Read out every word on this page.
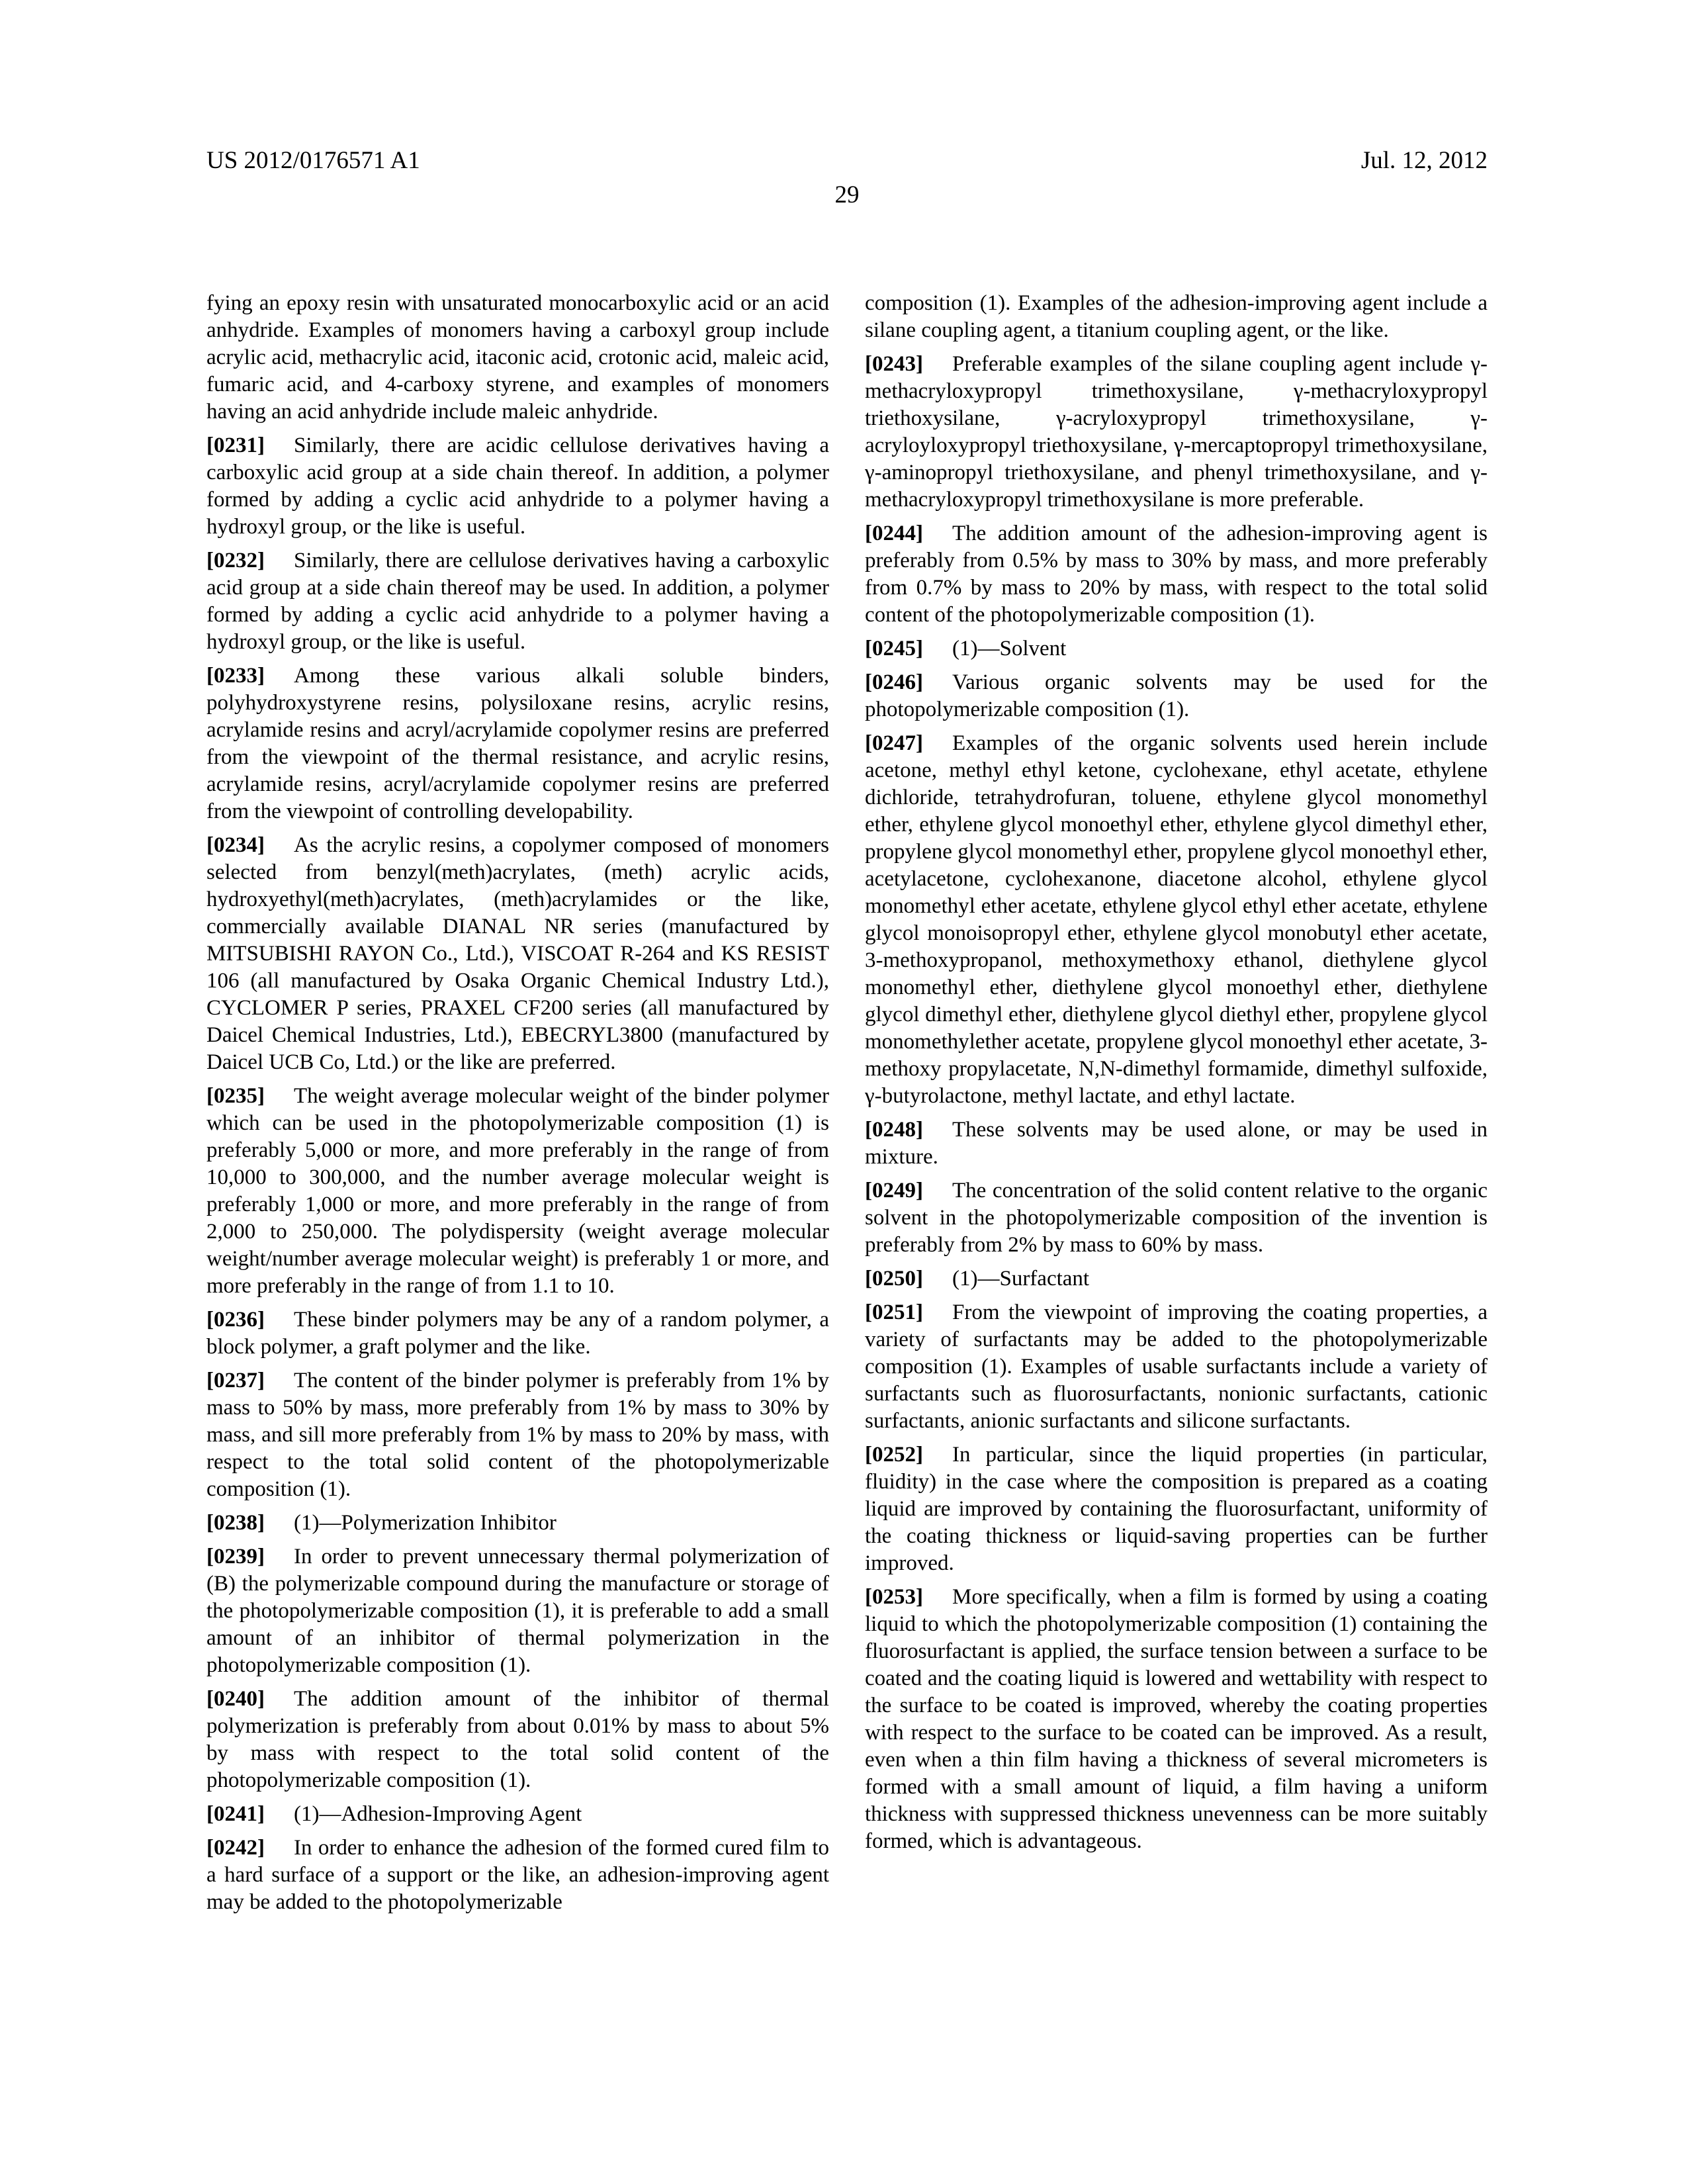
US 2012/0176571 A1	Jul. 12, 2012
29

fying an epoxy resin with unsaturated monocarboxylic acid or an acid anhydride. Examples of monomers having a carboxyl group include acrylic acid, methacrylic acid, itaconic acid, crotonic acid, maleic acid, fumaric acid, and 4-carboxy styrene, and examples of monomers having an acid anhydride include maleic anhydride.

[0231] Similarly, there are acidic cellulose derivatives having a carboxylic acid group at a side chain thereof. In addition, a polymer formed by adding a cyclic acid anhydride to a polymer having a hydroxyl group, or the like is useful.

[0232] Similarly, there are cellulose derivatives having a carboxylic acid group at a side chain thereof may be used. In addition, a polymer formed by adding a cyclic acid anhydride to a polymer having a hydroxyl group, or the like is useful.

[0233] Among these various alkali soluble binders, polyhydroxystyrene resins, polysiloxane resins, acrylic resins, acrylamide resins and acryl/acrylamide copolymer resins are preferred from the viewpoint of the thermal resistance, and acrylic resins, acrylamide resins, acryl/acrylamide copolymer resins are preferred from the viewpoint of controlling developability.

[0234] As the acrylic resins, a copolymer composed of monomers selected from benzyl(meth)acrylates, (meth) acrylic acids, hydroxyethyl(meth)acrylates, (meth)acrylamides or the like, commercially available DIANAL NR series (manufactured by MITSUBISHI RAYON Co., Ltd.), VISCOAT R-264 and KS RESIST 106 (all manufactured by Osaka Organic Chemical Industry Ltd.), CYCLOMER P series, PRAXEL CF200 series (all manufactured by Daicel Chemical Industries, Ltd.), EBECRYL3800 (manufactured by Daicel UCB Co, Ltd.) or the like are preferred.

[0235] The weight average molecular weight of the binder polymer which can be used in the photopolymerizable composition (1) is preferably 5,000 or more, and more preferably in the range of from 10,000 to 300,000, and the number average molecular weight is preferably 1,000 or more, and more preferably in the range of from 2,000 to 250,000. The polydispersity (weight average molecular weight/number average molecular weight) is preferably 1 or more, and more preferably in the range of from 1.1 to 10.

[0236] These binder polymers may be any of a random polymer, a block polymer, a graft polymer and the like.

[0237] The content of the binder polymer is preferably from 1% by mass to 50% by mass, more preferably from 1% by mass to 30% by mass, and sill more preferably from 1% by mass to 20% by mass, with respect to the total solid content of the photopolymerizable composition (1).

[0238] (1)—Polymerization Inhibitor

[0239] In order to prevent unnecessary thermal polymerization of (B) the polymerizable compound during the manufacture or storage of the photopolymerizable composition (1), it is preferable to add a small amount of an inhibitor of thermal polymerization in the photopolymerizable composition (1).

[0240] The addition amount of the inhibitor of thermal polymerization is preferably from about 0.01% by mass to about 5% by mass with respect to the total solid content of the photopolymerizable composition (1).

[0241] (1)—Adhesion-Improving Agent

[0242] In order to enhance the adhesion of the formed cured film to a hard surface of a support or the like, an adhesion-improving agent may be added to the photopolymerizable

composition (1). Examples of the adhesion-improving agent include a silane coupling agent, a titanium coupling agent, or the like.

[0243] Preferable examples of the silane coupling agent include γ-methacryloxypropyl trimethoxysilane, γ-methacryloxypropyl triethoxysilane, γ-acryloxypropyl trimethoxysilane, γ-acryloyloxypropyl triethoxysilane, γ-mercaptopropyl trimethoxysilane, γ-aminopropyl triethoxysilane, and phenyl trimethoxysilane, and γ-methacryloxypropyl trimethoxysilane is more preferable.

[0244] The addition amount of the adhesion-improving agent is preferably from 0.5% by mass to 30% by mass, and more preferably from 0.7% by mass to 20% by mass, with respect to the total solid content of the photopolymerizable composition (1).

[0245] (1)—Solvent

[0246] Various organic solvents may be used for the photopolymerizable composition (1).

[0247] Examples of the organic solvents used herein include acetone, methyl ethyl ketone, cyclohexane, ethyl acetate, ethylene dichloride, tetrahydrofuran, toluene, ethylene glycol monomethyl ether, ethylene glycol monoethyl ether, ethylene glycol dimethyl ether, propylene glycol monomethyl ether, propylene glycol monoethyl ether, acetylacetone, cyclohexanone, diacetone alcohol, ethylene glycol monomethyl ether acetate, ethylene glycol ethyl ether acetate, ethylene glycol monoisopropyl ether, ethylene glycol monobutyl ether acetate, 3-methoxypropanol, methoxymethoxy ethanol, diethylene glycol monomethyl ether, diethylene glycol monoethyl ether, diethylene glycol dimethyl ether, diethylene glycol diethyl ether, propylene glycol monomethylether acetate, propylene glycol monoethyl ether acetate, 3-methoxy propylacetate, N,N-dimethyl formamide, dimethyl sulfoxide, γ-butyrolactone, methyl lactate, and ethyl lactate.

[0248] These solvents may be used alone, or may be used in mixture.

[0249] The concentration of the solid content relative to the organic solvent in the photopolymerizable composition of the invention is preferably from 2% by mass to 60% by mass.

[0250] (1)—Surfactant

[0251] From the viewpoint of improving the coating properties, a variety of surfactants may be added to the photopolymerizable composition (1). Examples of usable surfactants include a variety of surfactants such as fluorosurfactants, nonionic surfactants, cationic surfactants, anionic surfactants and silicone surfactants.

[0252] In particular, since the liquid properties (in particular, fluidity) in the case where the composition is prepared as a coating liquid are improved by containing the fluorosurfactant, uniformity of the coating thickness or liquid-saving properties can be further improved.

[0253] More specifically, when a film is formed by using a coating liquid to which the photopolymerizable composition (1) containing the fluorosurfactant is applied, the surface tension between a surface to be coated and the coating liquid is lowered and wettability with respect to the surface to be coated is improved, whereby the coating properties with respect to the surface to be coated can be improved. As a result, even when a thin film having a thickness of several micrometers is formed with a small amount of liquid, a film having a uniform thickness with suppressed thickness unevenness can be more suitably formed, which is advantageous.
